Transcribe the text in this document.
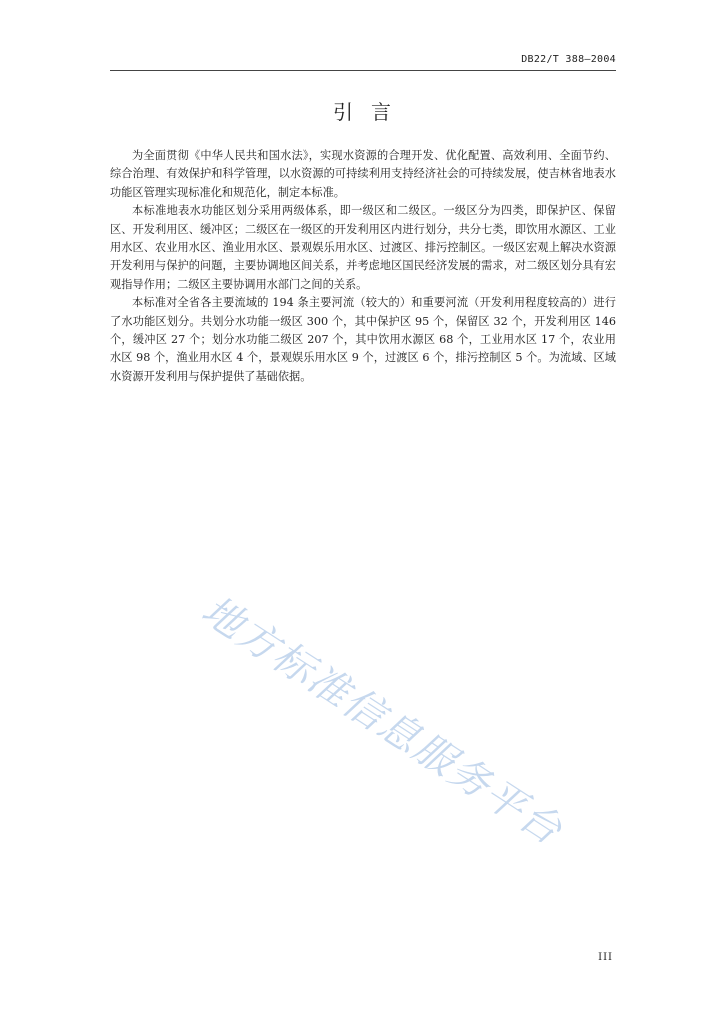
DB22/T 388—2004
引言

为全面贯彻《中华人民共和国水法》，实现水资源的合理开发、优化配置、高效利用、全面节约、综合治理、有效保护和科学管理，以水资源的可持续利用支持经济社会的可持续发展，使吉林省地表水功能区管理实现标准化和规范化，制定本标准。

本标准地表水功能区划分采用两级体系，即一级区和二级区。一级区分为四类，即保护区、保留区、开发利用区、缓冲区；二级区在一级区的开发利用区内进行划分，共分七类，即饮用水源区、工业用水区、农业用水区、渔业用水区、景观娱乐用水区、过渡区、排污控制区。一级区宏观上解决水资源开发利用与保护的问题，主要协调地区间关系，并考虑地区国民经济发展的需求，对二级区划分具有宏观指导作用；二级区主要协调用水部门之间的关系。

本标准对全省各主要流域的 194 条主要河流（较大的）和重要河流（开发利用程度较高的）进行了水功能区划分。共划分水功能一级区 300 个，其中保护区 95 个，保留区 32 个，开发利用区 146 个，缓冲区 27 个；划分水功能二级区 207 个，其中饮用水源区 68 个，工业用水区 17 个，农业用水区 98 个，渔业用水区 4 个，景观娱乐用水区 9 个，过渡区 6 个，排污控制区 5 个。为流域、区域水资源开发利用与保护提供了基础依据。

地方标准信息服务平台
III
